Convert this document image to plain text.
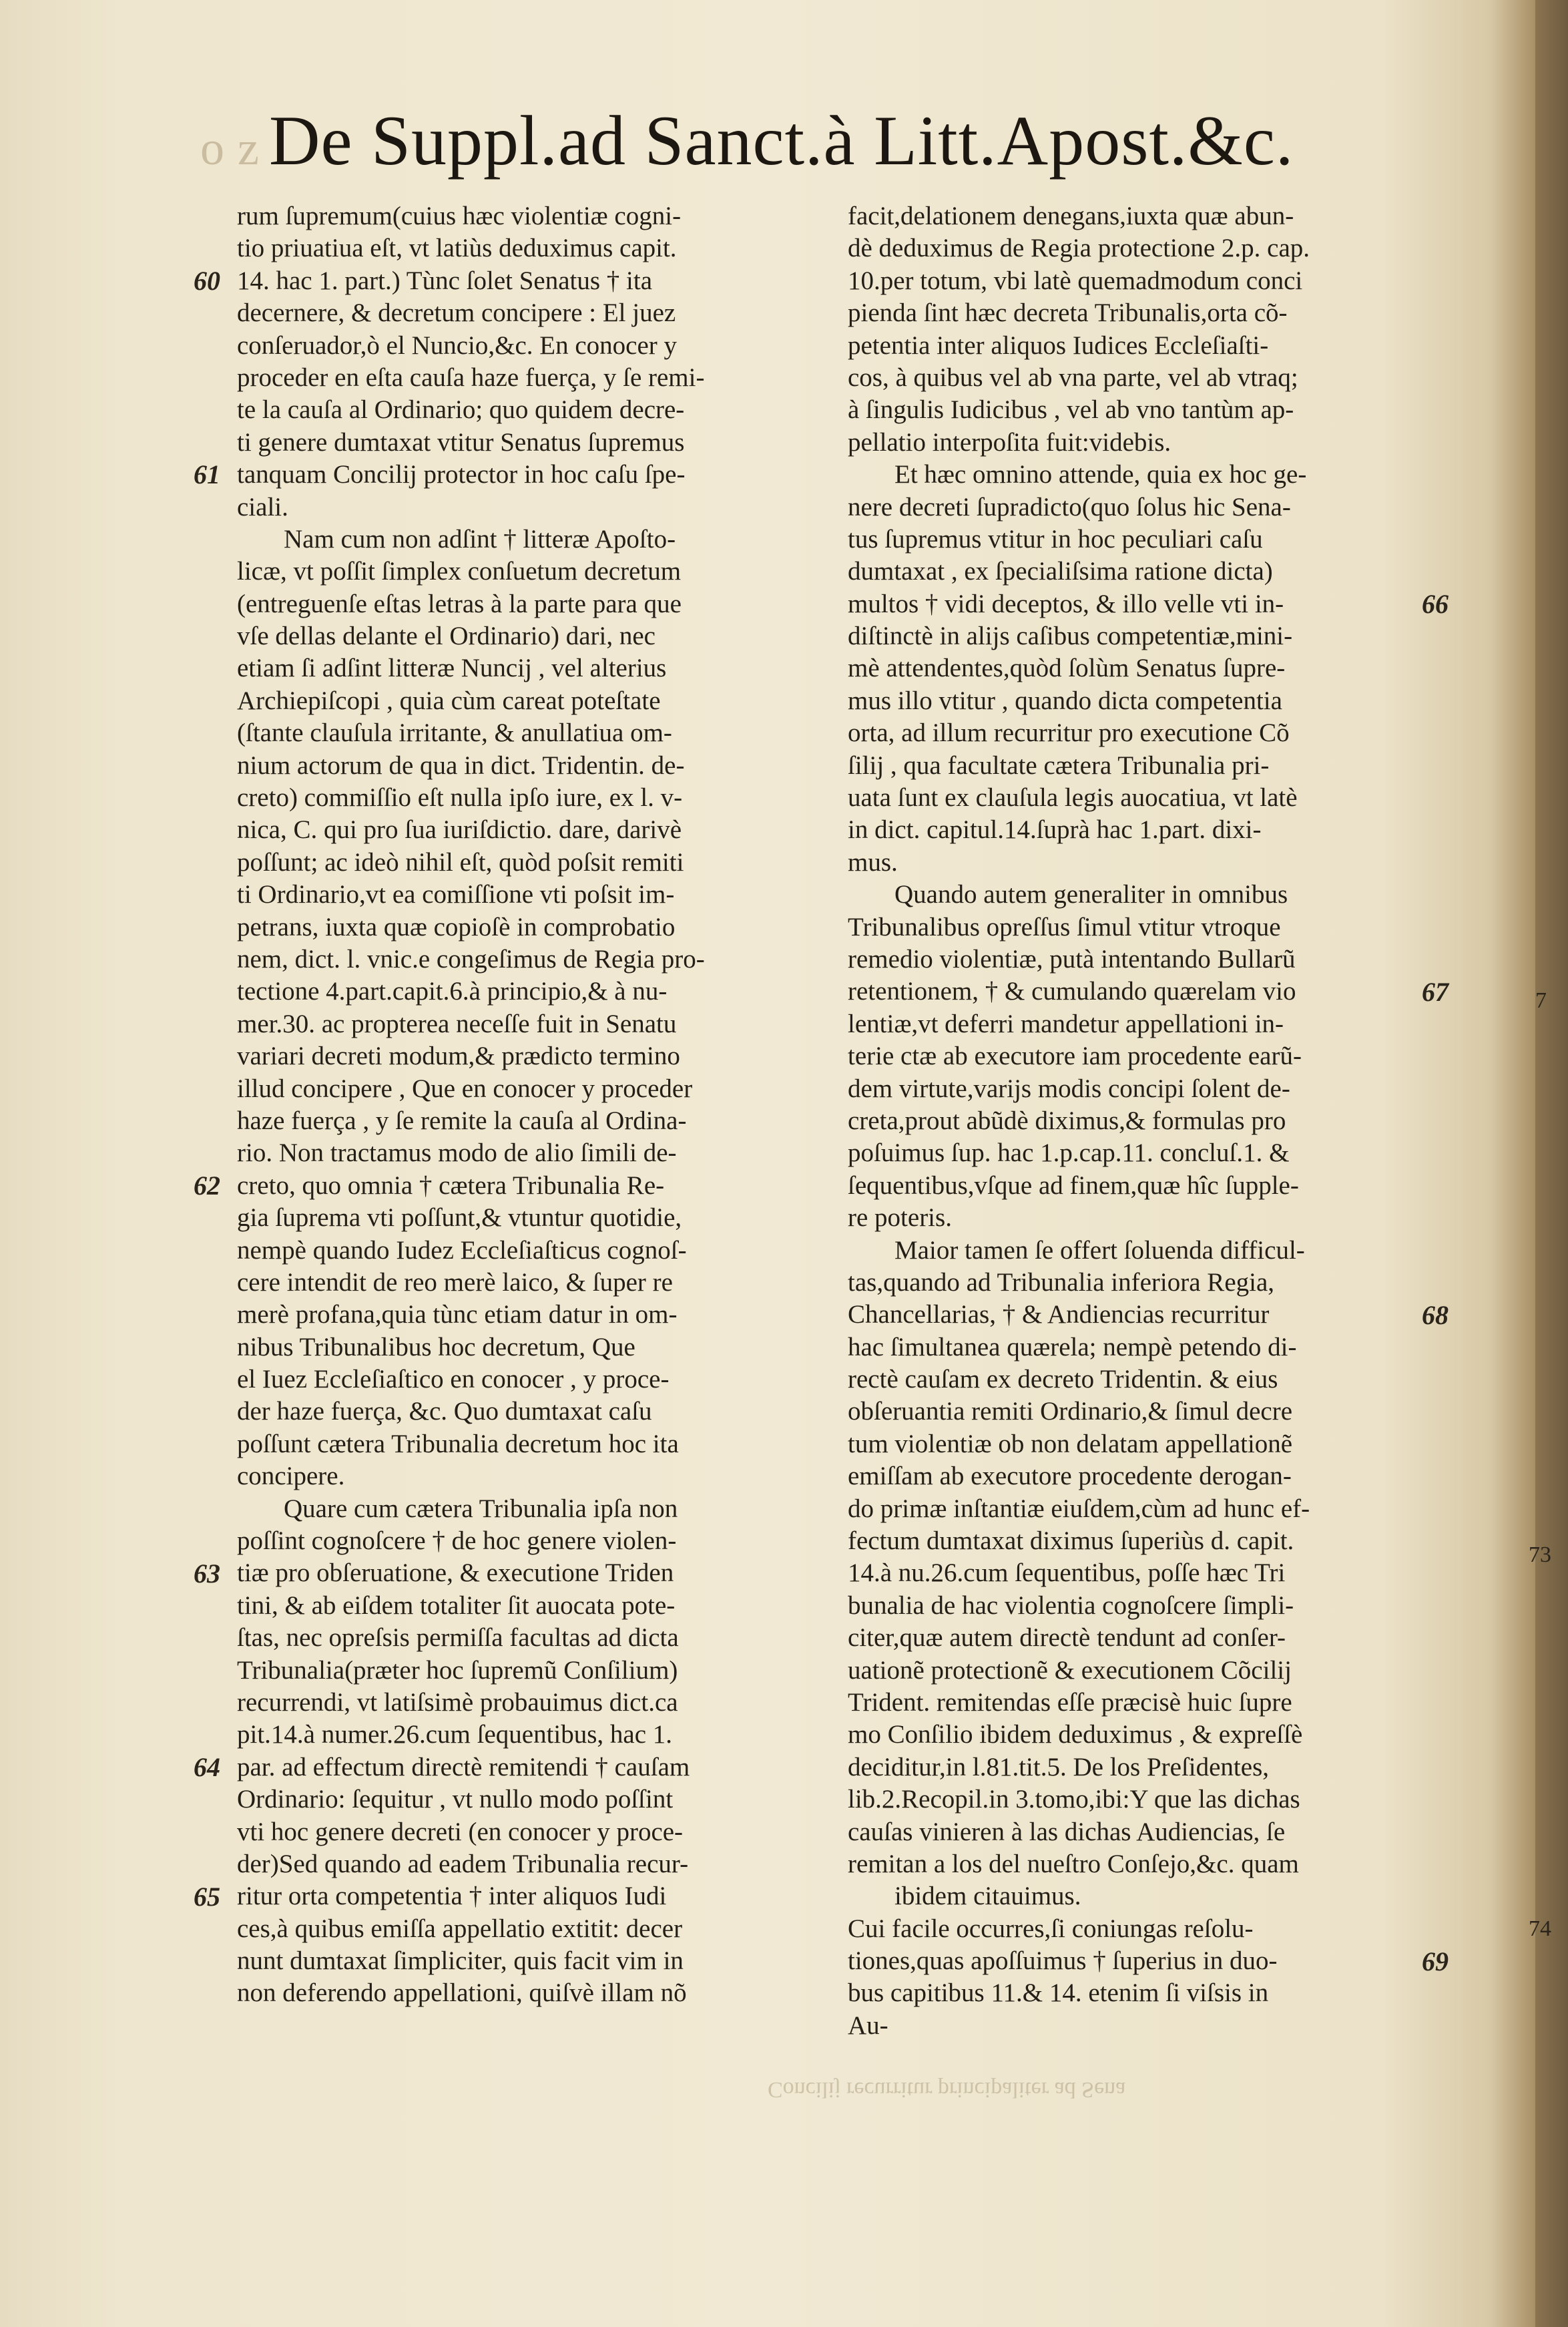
o z De Suppl.ad Sanct.à Litt.Apost.&c.
rum ſupremum(cuius hæc violentiæ cogni-
tio priuatiua eſt, vt latiùs deduximus capit.
14. hac 1. part.) Tùnc ſolet Senatus † ita
decernere, & decretum concipere : El juez
conſeruador,ò el Nuncio,&c. En conocer y
proceder en eſta cauſa haze fuerça, y ſe remi-
te la cauſa al Ordinario; quo quidem decre-
ti genere dumtaxat vtitur Senatus ſupremus
tanquam Concilij protector in hoc caſu ſpe-
ciali.
Nam cum non adſint † litteræ Apoſto-
licæ, vt poſſit ſimplex conſuetum decretum
(entreguenſe eſtas letras à la parte para que
vſe dellas delante el Ordinario) dari, nec
etiam ſi adſint litteræ Nuncij , vel alterius
Archiepiſcopi , quia cùm careat poteſtate
(ſtante clauſula irritante, & anullatiua om-
nium actorum de qua in dict. Tridentin. de-
creto) commiſſio eſt nulla ipſo iure, ex l. v-
nica, C. qui pro ſua iuriſdictio. dare, darivè
poſſunt; ac ideò nihil eſt, quòd poſsit remiti
ti Ordinario,vt ea comiſſione vti poſsit im-
petrans, iuxta quæ copioſè in comprobatio
nem, dict. l. vnic.e congeſimus de Regia pro-
tectione 4.part.capit.6.à principio,& à nu-
mer.30. ac propterea neceſſe fuit in Senatu
variari decreti modum,& prædicto termino
illud concipere , Que en conocer y proceder
haze fuerça , y ſe remite la cauſa al Ordina-
rio. Non tractamus modo de alio ſimili de-
creto, quo omnia † cætera Tribunalia Re-
gia ſuprema vti poſſunt,& vtuntur quotidie,
nempè quando Iudez Eccleſiaſticus cognoſ-
cere intendit de reo merè laico, & ſuper re
merè profana,quia tùnc etiam datur in om-
nibus Tribunalibus hoc decretum, Que
el Iuez Eccleſiaſtico en conocer , y proce-
der haze fuerça, &c. Quo dumtaxat caſu
poſſunt cætera Tribunalia decretum hoc ita
concipere.
Quare cum cætera Tribunalia ipſa non
poſſint cognoſcere † de hoc genere violen-
tiæ pro obſeruatione, & executione Triden
tini, & ab eiſdem totaliter ſit auocata pote-
ſtas, nec opreſsis permiſſa facultas ad dicta
Tribunalia(præter hoc ſupremũ Conſilium)
recurrendi, vt latiſsimè probauimus dict.ca
pit.14.à numer.26.cum ſequentibus, hac 1.
par. ad effectum directè remitendi † cauſam
Ordinario: ſequitur , vt nullo modo poſſint
vti hoc genere decreti (en conocer y proce-
der)Sed quando ad eadem Tribunalia recur-
ritur orta competentia † inter aliquos Iudi
ces,à quibus emiſſa appellatio extitit: decer
nunt dumtaxat ſimpliciter, quis facit vim in
non deferendo appellationi, quiſvè illam nõ
facit,delationem denegans,iuxta quæ abun-
dè deduximus de Regia protectione 2.p. cap.
10.per totum, vbi latè quemadmodum conci
pienda ſint hæc decreta Tribunalis,orta cõ-
petentia inter aliquos Iudices Eccleſiaſti-
cos, à quibus vel ab vna parte, vel ab vtraq;
à ſingulis Iudicibus , vel ab vno tantùm ap-
pellatio interpoſita fuit:videbis.
Et hæc omnino attende, quia ex hoc ge-
nere decreti ſupradicto(quo ſolus hic Sena-
tus ſupremus vtitur in hoc peculiari caſu
dumtaxat , ex ſpecialiſsima ratione dicta)
multos † vidi deceptos, & illo velle vti in-
diſtinctè in alijs caſibus competentiæ,mini-
mè attendentes,quòd ſolùm Senatus ſupre-
mus illo vtitur , quando dicta competentia
orta, ad illum recurritur pro executione Cõ
ſilij , qua facultate cætera Tribunalia pri-
uata ſunt ex clauſula legis auocatiua, vt latè
in dict. capitul.14.ſuprà hac 1.part. dixi-
mus.
Quando autem generaliter in omnibus
Tribunalibus opreſſus ſimul vtitur vtroque
remedio violentiæ, putà intentando Bullarũ
retentionem, † & cumulando quærelam vio
lentiæ,vt deferri mandetur appellationi in-
terie ctæ ab executore iam procedente earũ-
dem virtute,varijs modis concipi ſolent de-
creta,prout abũdè diximus,& formulas pro
poſuimus ſup. hac 1.p.cap.11. concluſ.1. &
ſequentibus,vſque ad finem,quæ hîc ſupple-
re poteris.
Maior tamen ſe offert ſoluenda difficul-
tas,quando ad Tribunalia inferiora Regia,
Chancellarias, † & Andiencias recurritur
hac ſimultanea quærela; nempè petendo di-
rectè cauſam ex decreto Tridentin. & eius
obſeruantia remiti Ordinario,& ſimul decre
tum violentiæ ob non delatam appellationẽ
emiſſam ab executore procedente derogan-
do primæ inſtantiæ eiuſdem,cùm ad hunc ef-
fectum dumtaxat diximus ſuperiùs d. capit.
14.à nu.26.cum ſequentibus, poſſe hæc Tri
bunalia de hac violentia cognoſcere ſimpli-
citer,quæ autem directè tendunt ad conſer-
uationẽ protectionẽ & executionem Cõcilij
Trident. remitendas eſſe præcisè huic ſupre
mo Conſilio ibidem deduximus , & expreſſè
deciditur,in l.81.tit.5. De los Preſidentes,
lib.2.Recopil.in 3.tomo,ibi:Y que las dichas
cauſas vinieren à las dichas Audiencias, ſe
remitan a los del nueſtro Conſejo,&c. quam
ibidem citauimus.
Cui facile occurres,ſi coniungas reſolu-
tiones,quas apoſſuimus † ſuperius in duo-
bus capitibus 11.& 14. etenim ſi viſsis in
Au-
60
61
62
63
64
65
66
67
68
69
7
73
74
Concilij recurritur principaliter ad Sena
